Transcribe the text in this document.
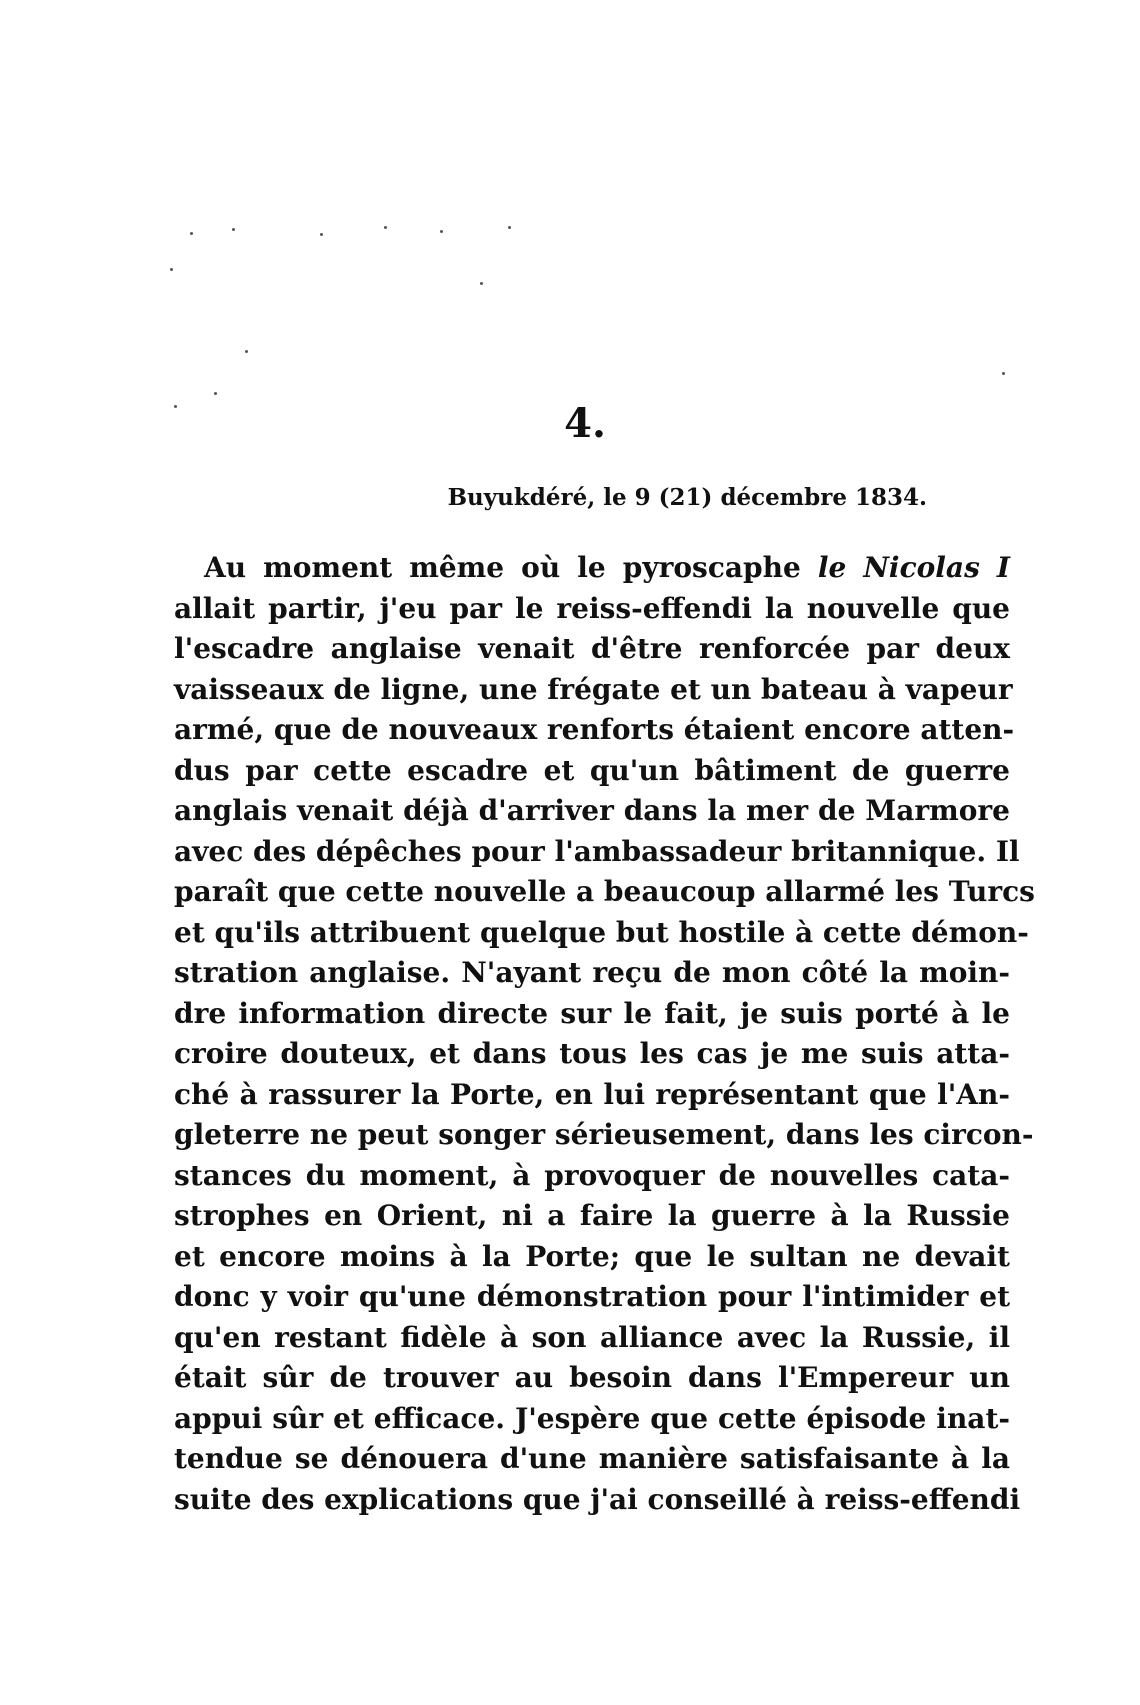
4.
Buyukdéré, le 9 (21) décembre 1834.
Au moment même où le pyroscaphe le Nicolas I
allait partir, j'eu par le reiss-effendi la nouvelle que
l'escadre anglaise venait d'être renforcée par deux
vaisseaux de ligne, une frégate et un bateau à vapeur
armé, que de nouveaux renforts étaient encore atten-
dus par cette escadre et qu'un bâtiment de guerre
anglais venait déjà d'arriver dans la mer de Marmore
avec des dépêches pour l'ambassadeur britannique. Il
paraît que cette nouvelle a beaucoup allarmé les Turcs
et qu'ils attribuent quelque but hostile à cette démon-
stration anglaise. N'ayant reçu de mon côté la moin-
dre information directe sur le fait, je suis porté à le
croire douteux, et dans tous les cas je me suis atta-
ché à rassurer la Porte, en lui représentant que l'An-
gleterre ne peut songer sérieusement, dans les circon-
stances du moment, à provoquer de nouvelles cata-
strophes en Orient, ni a faire la guerre à la Russie
et encore moins à la Porte; que le sultan ne devait
donc y voir qu'une démonstration pour l'intimider et
qu'en restant fidèle à son alliance avec la Russie, il
était sûr de trouver au besoin dans l'Empereur un
appui sûr et efficace. J'espère que cette épisode inat-
tendue se dénouera d'une manière satisfaisante à la
suite des explications que j'ai conseillé à reiss-effendi
